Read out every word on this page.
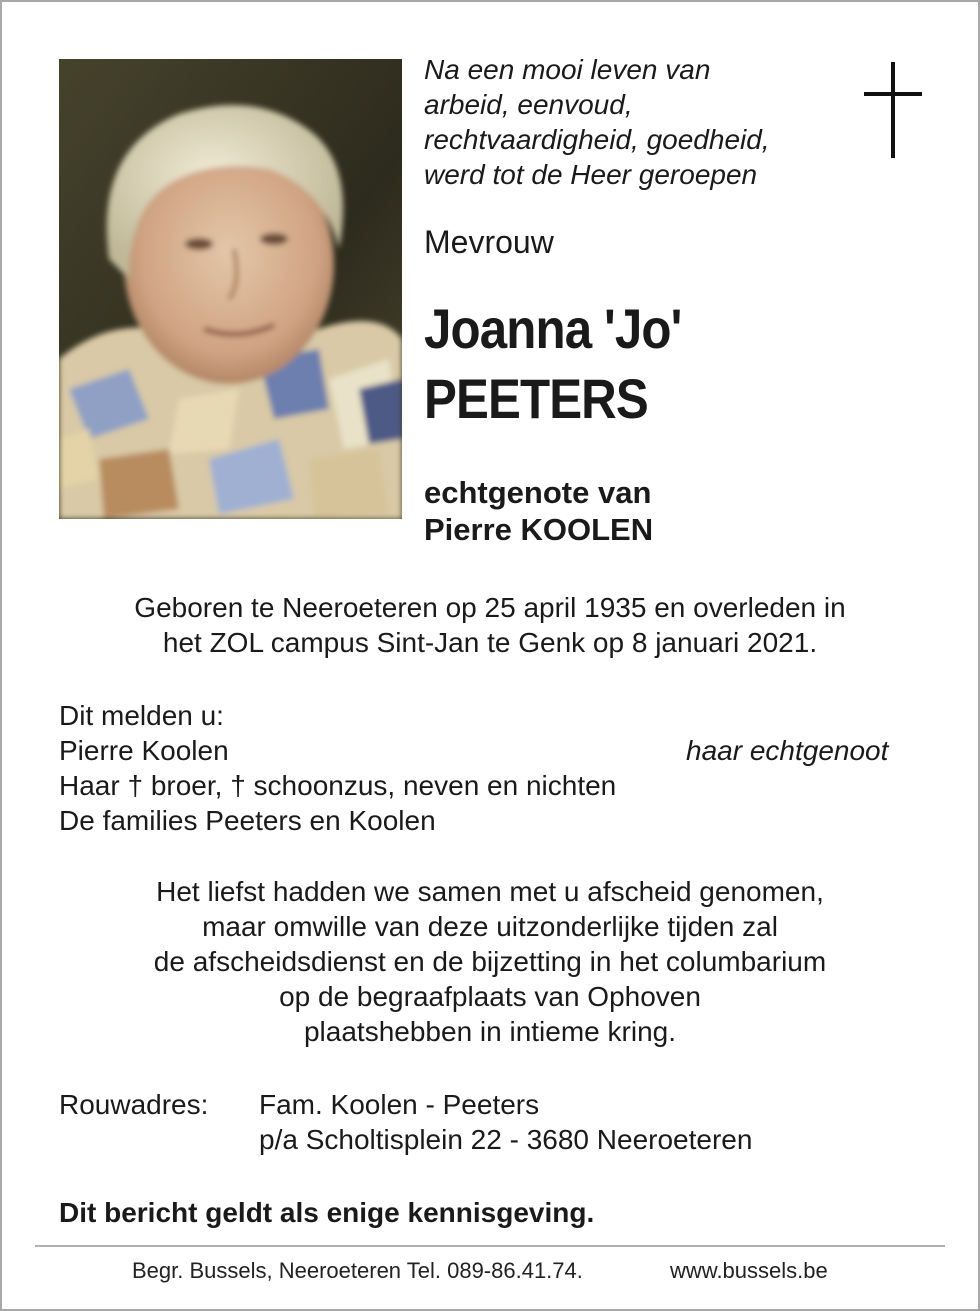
Na een mooi leven van
arbeid, eenvoud,
rechtvaardigheid, goedheid,
werd tot de Heer geroepen
Mevrouw
Joanna 'Jo'
PEETERS
echtgenote van
Pierre KOOLEN
Geboren te Neeroeteren op 25 april 1935 en overleden in
het ZOL campus Sint-Jan te Genk op 8 januari 2021.
Dit melden u:
Pierre Koolen
Haar † broer, † schoonzus, neven en nichten
De families Peeters en Koolen
haar echtgenoot
Het liefst hadden we samen met u afscheid genomen,
maar omwille van deze uitzonderlijke tijden zal
de afscheidsdienst en de bijzetting in het columbarium
op de begraafplaats van Ophoven
plaatshebben in intieme kring.
Rouwadres: Fam. Koolen - Peeters
p/a Scholtisplein 22 - 3680 Neeroeteren
Dit bericht geldt als enige kennisgeving.
Begr. Bussels, Neeroeteren Tel. 089-86.41.74.	www.bussels.be
